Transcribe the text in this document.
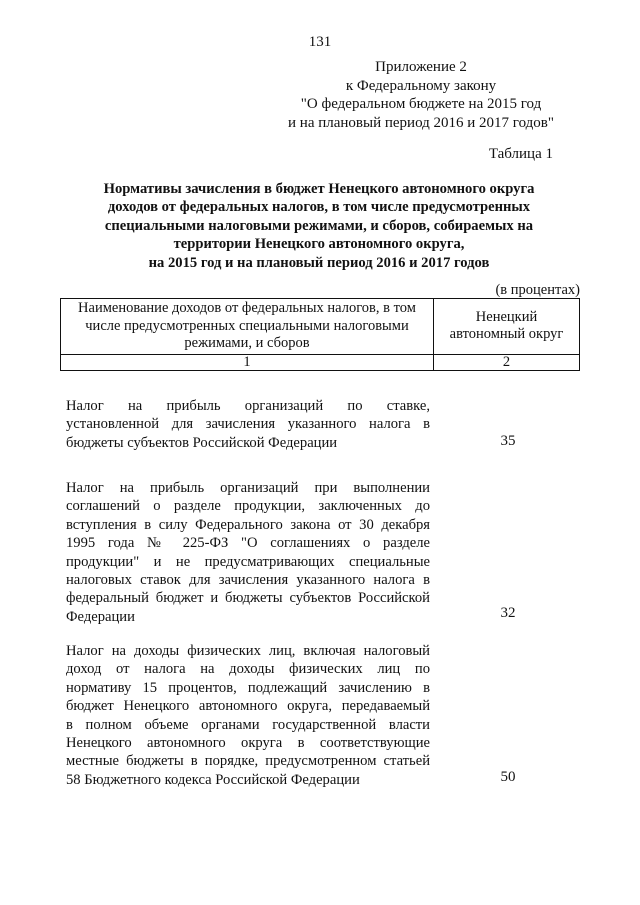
131
Приложение 2
к Федеральному закону
"О федеральном бюджете на 2015 год
и на плановый период 2016 и 2017 годов"
Таблица 1
Нормативы зачисления в бюджет Ненецкого автономного округа
доходов от федеральных налогов, в том числе предусмотренных
специальными налоговыми режимами, и сборов, собираемых на
территории Ненецкого автономного округа,
на 2015 год и на плановый период 2016 и 2017 годов
(в процентах)
Наименование доходов от федеральных налогов, в том числе предусмотренных специальными налоговыми режимами, и сборов	Ненецкий автономный округ
1	2
Налог на прибыль организаций по ставке,
установленной для зачисления указанного налога в
бюджеты субъектов Российской Федерации	35
Налог на прибыль организаций при выполнении
соглашений о разделе продукции, заключенных до
вступления в силу Федерального закона от 30 декабря
1995 года № 225-ФЗ "О соглашениях о разделе
продукции" и не предусматривающих специальные
налоговых ставок для зачисления указанного налога в
федеральный бюджет и бюджеты субъектов Российской
Федерации	32
Налог на доходы физических лиц, включая налоговый
доход от налога на доходы физических лиц по
нормативу 15 процентов, подлежащий зачислению в
бюджет Ненецкого автономного округа, передаваемый
в полном объеме органами государственной власти
Ненецкого автономного округа в соответствующие
местные бюджеты в порядке, предусмотренном статьей
58 Бюджетного кодекса Российской Федерации	50
